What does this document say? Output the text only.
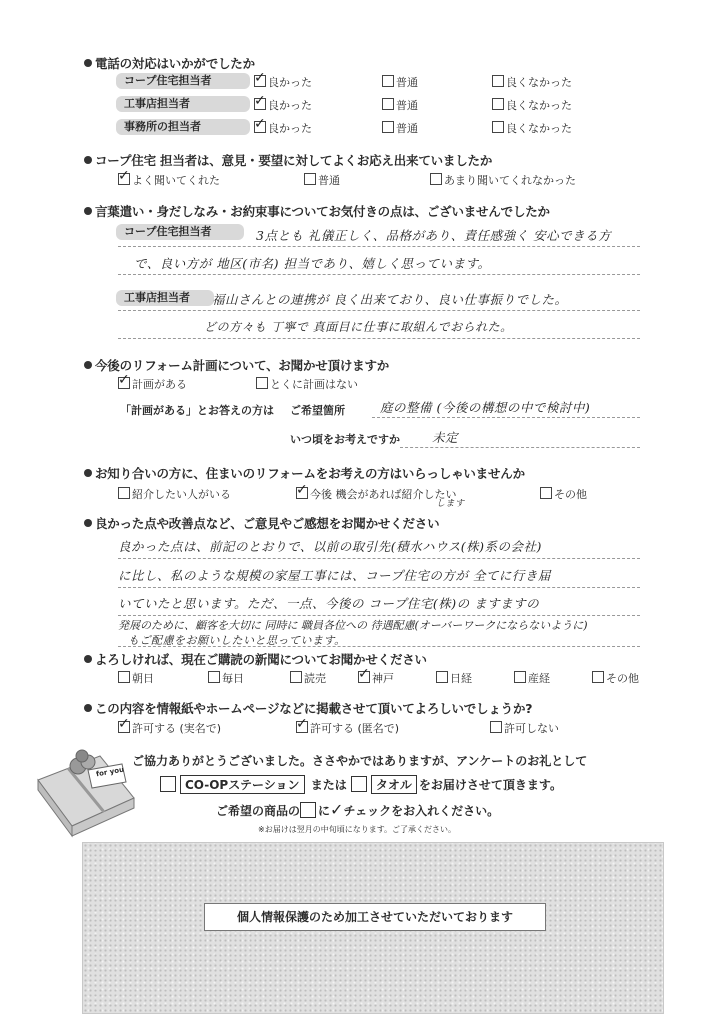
電話の対応はいかがでしたか
コープ住宅担当者 ✓	良かった	普通	良くなかった
工事店担当者 ✓	良かった	普通	良くなかった
事務所の担当者 ✓	良かった	普通	良くなかった
コープ住宅 担当者は、意見・要望に対してよくお応え出来ていましたか
✓よく聞いてくれた	普通	あまり聞いてくれなかった
言葉遣い・身だしなみ・お約束事についてお気付きの点は、ございませんでしたか
コープ住宅担当者	3点とも 礼儀正しく、品格があり、責任感強く 安心できる方
で、良い方が 地区(市名) 担当であり、嬉しく思っています。
工事店担当者	福山さんとの連携が 良く出来ており、良い仕事振りでした。
どの方々も 丁寧で 真面目に仕事に取組んでおられた。
今後のリフォーム計画について、お聞かせ頂けますか
✓計画がある	とくに計画はない
「計画がある」とお答えの方は ご希望箇所	庭の整備 (今後の構想の中で検討中)
いつ頃をお考えですか	未定
お知り合いの方に、住まいのリフォームをお考えの方はいらっしゃいませんか
紹介したい人がいる ✓	今後 機会があれば紹介したい
します
その他
良かった点や改善点など、ご意見やご感想をお聞かせください
良かった点は、前記のとおりで、以前の取引先(積水ハウス(株)系の会社)
に比し、私のような規模の家屋工事には、コープ住宅の方が 全てに行き届
いていたと思います。ただ、一点、今後の コープ住宅(株)の ますますの
発展のために、顧客を大切に 同時に 職員各位への 待遇配慮(オーバーワークにならないように)
もご配慮をお願いしたいと思っています。
よろしければ、現在ご購読の新聞についてお聞かせください
朝日	毎日	読売 ✓	神戸	日経	産経	その他
この内容を情報紙やホームページなどに掲載させて頂いてよろしいでしょうか?
✓許可する (実名で) ✓	許可する (匿名で)	許可しない
for you
ご協力ありがとうございました。ささやかではありますが、アンケートのお礼として
CO-OPステーション または タオル をお届けさせて頂きます。
ご希望の商品の に✓チェックをお入れください。
※お届けは翌月の中旬頃になります。ご了承ください。
個人情報保護のため加工させていただいております
